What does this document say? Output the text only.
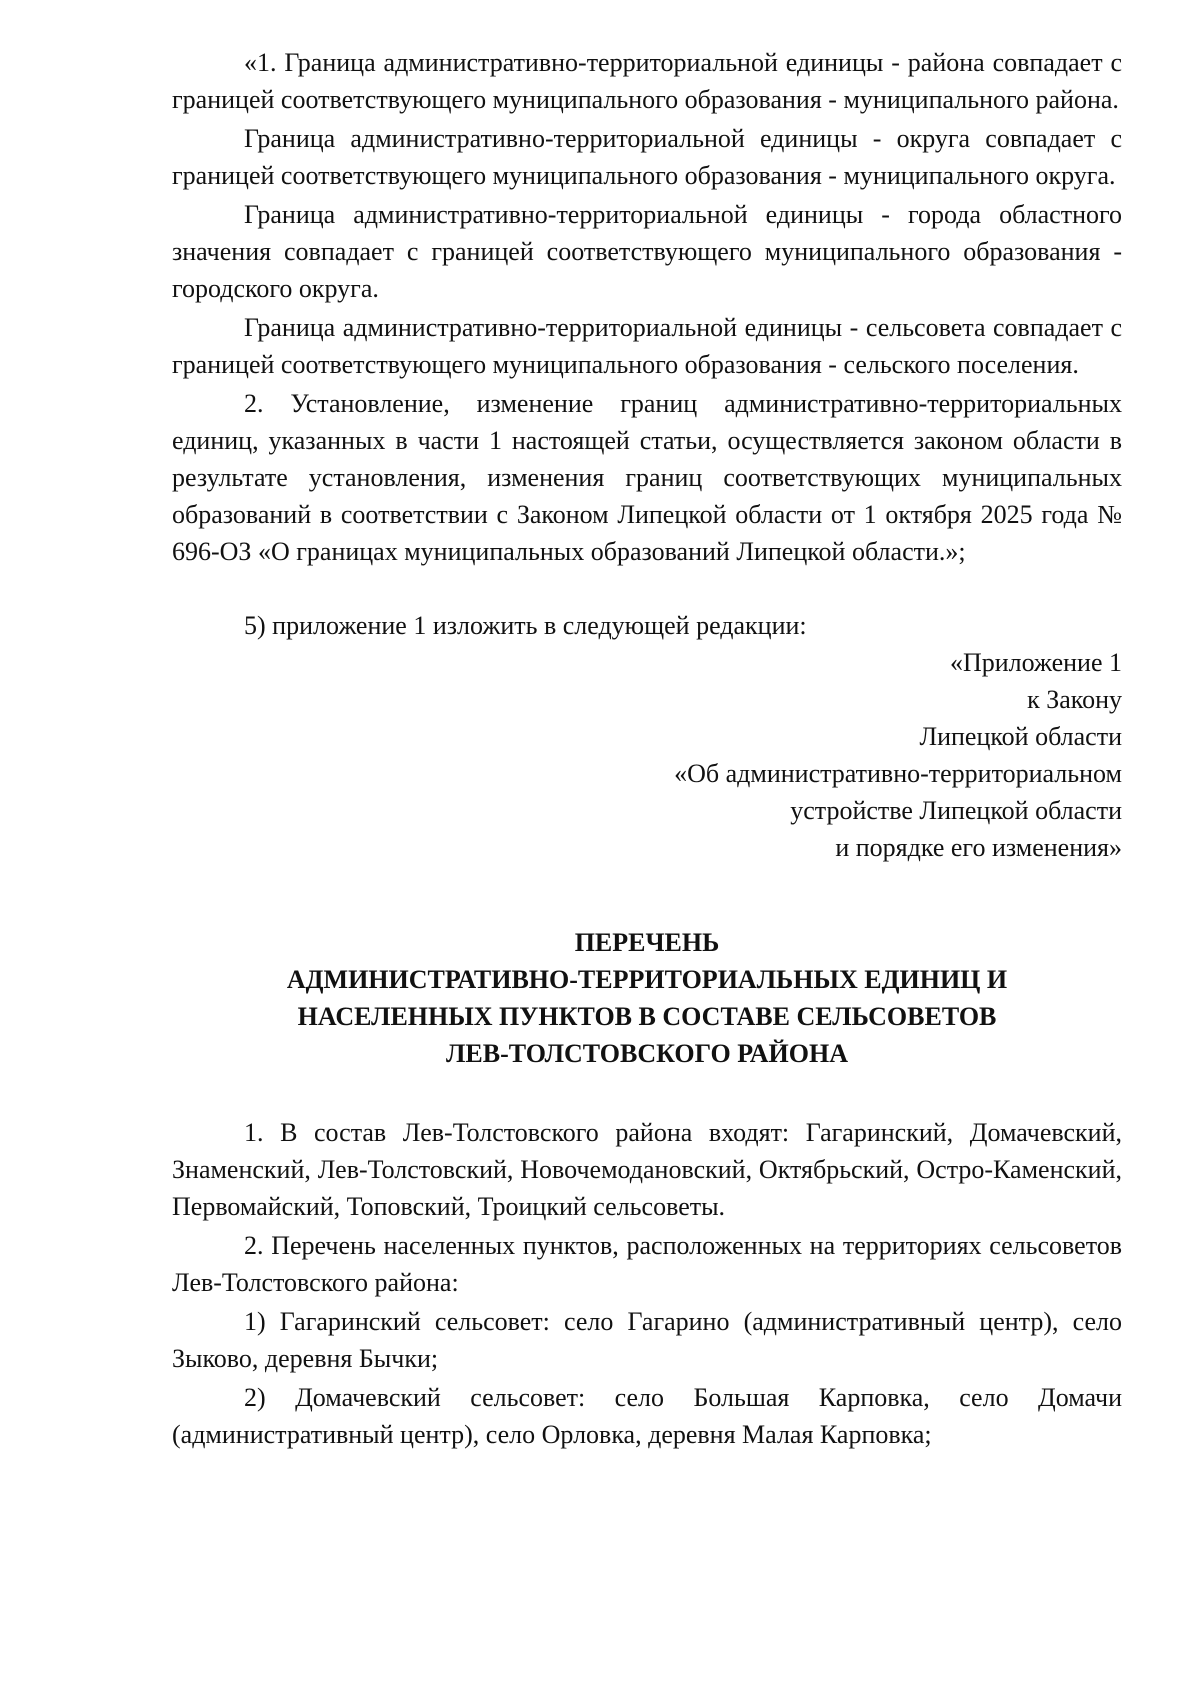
«1. Граница административно-территориальной единицы - района совпадает с границей соответствующего муниципального образования - муниципального района.

Граница административно-территориальной единицы - округа совпадает с границей соответствующего муниципального образования - муниципального округа.

Граница административно-территориальной единицы - города областного значения совпадает с границей соответствующего муниципального образования - городского округа.

Граница административно-территориальной единицы - сельсовета совпадает с границей соответствующего муниципального образования - сельского поселения.

2. Установление, изменение границ административно-территориальных единиц, указанных в части 1 настоящей статьи, осуществляется законом области в результате установления, изменения границ соответствующих муниципальных образований в соответствии с Законом Липецкой области от 1 октября 2025 года № 696-ОЗ «О границах муниципальных образований Липецкой области.»;

5) приложение 1 изложить в следующей редакции:

«Приложение 1
к Закону
Липецкой области
«Об административно-территориальном
устройстве Липецкой области
и порядке его изменения»
ПЕРЕЧЕНЬ
АДМИНИСТРАТИВНО-ТЕРРИТОРИАЛЬНЫХ ЕДИНИЦ И
НАСЕЛЕННЫХ ПУНКТОВ В СОСТАВЕ СЕЛЬСОВЕТОВ
ЛЕВ-ТОЛСТОВСКОГО РАЙОНА

1. В состав Лев-Толстовского района входят: Гагаринский, Домачевский, Знаменский, Лев-Толстовский, Новочемодановский, Октябрьский, Остро-Каменский, Первомайский, Топовский, Троицкий сельсоветы.

2. Перечень населенных пунктов, расположенных на территориях сельсоветов Лев-Толстовского района:

1) Гагаринский сельсовет: село Гагарино (административный центр), село Зыково, деревня Бычки;

2) Домачевский сельсовет: село Большая Карповка, село Домачи (административный центр), село Орловка, деревня Малая Карповка;
